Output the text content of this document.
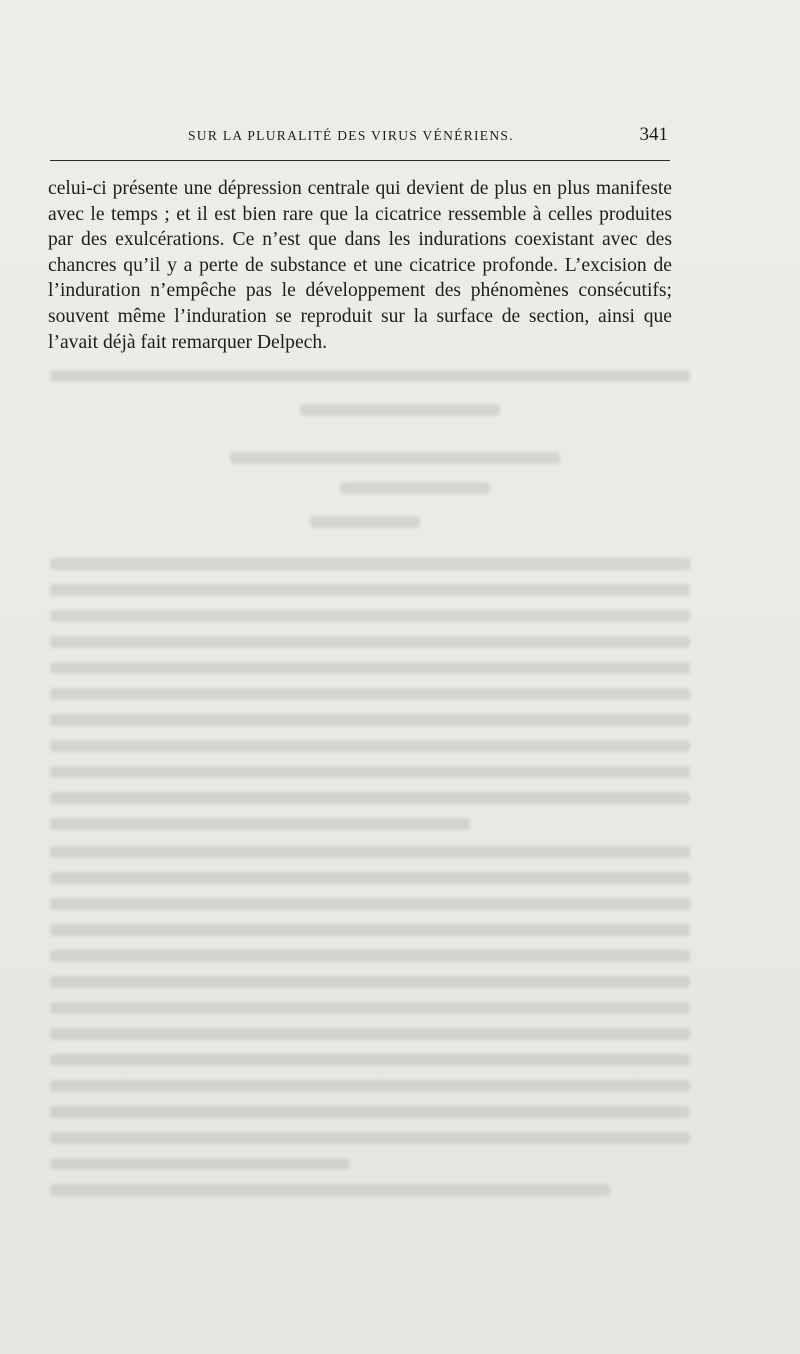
SUR LA PLURALITÉ DES VIRUS VÉNÉRIENS.	341

celui-ci présente une dépression centrale qui devient de plus en plus manifeste avec le temps ; et il est bien rare que la cicatrice ressemble à celles produites par des exulcérations. Ce n’est que dans les indurations coexistant avec des chancres qu’il y a perte de substance et une cicatrice profonde. L’excision de l’induration n’empêche pas le développement des phénomènes consécutifs; souvent même l’induration se reproduit sur la surface de section, ainsi que l’avait déjà fait remarquer Delpech.
